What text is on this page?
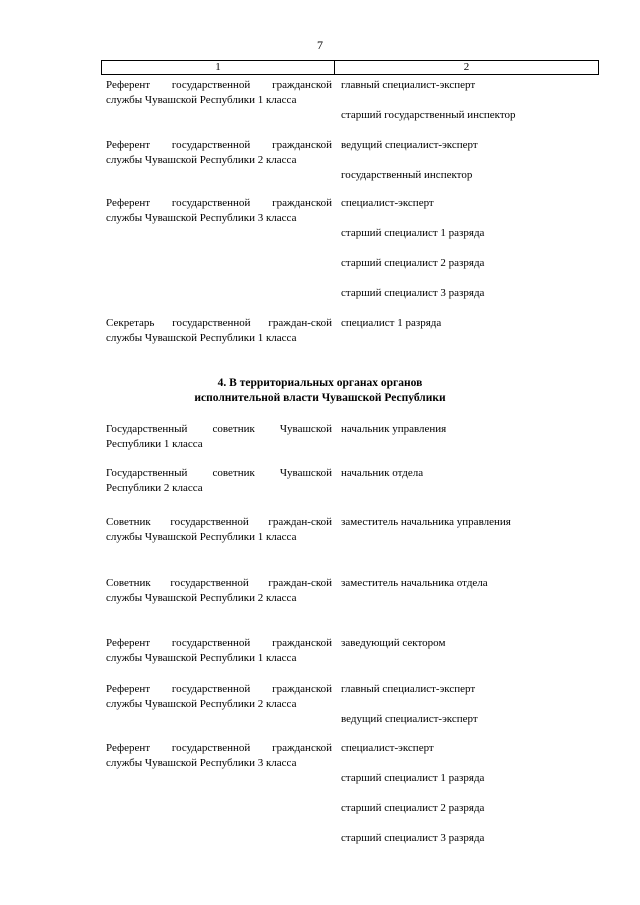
7
1	2
Референт государственной гражданской службы Чувашской Республики 1 класса
главный специалист-эксперт
старший государственный инспектор
Референт государственной гражданской службы Чувашской Республики 2 класса
ведущий специалист-эксперт
государственный инспектор
Референт государственной гражданской службы Чувашской Республики 3 класса
специалист-эксперт
старший специалист 1 разряда
старший специалист 2 разряда
старший специалист 3 разряда
Секретарь государственной граждан-ской службы Чувашской Республики 1 класса
специалист 1 разряда
4. В территориальных органах органов
исполнительной власти Чувашской Республики
Государственный советник Чувашской Республики 1 класса
начальник управления
Государственный советник Чувашской Республики 2 класса
начальник отдела
Советник государственной граждан-ской службы Чувашской Республики 1 класса
заместитель начальника управления
Советник государственной граждан-ской службы Чувашской Республики 2 класса
заместитель начальника отдела
Референт государственной гражданской службы Чувашской Республики 1 класса
заведующий сектором
Референт государственной гражданской службы Чувашской Республики 2 класса
главный специалист-эксперт
ведущий специалист-эксперт
Референт государственной гражданской службы Чувашской Республики 3 класса
специалист-эксперт
старший специалист 1 разряда
старший специалист 2 разряда
старший специалист 3 разряда
